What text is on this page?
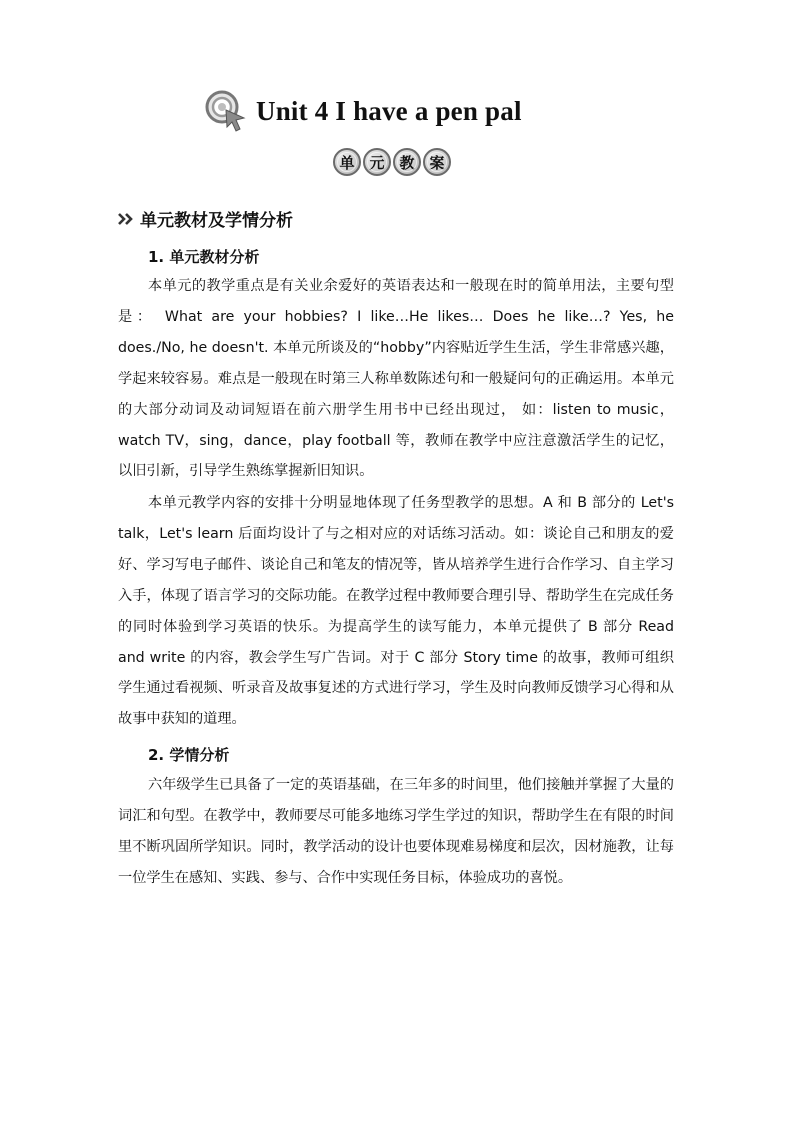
Unit 4 I have a pen pal
单 元 教 案
单元教材及学情分析
1. 单元教材分析

本单元的教学重点是有关业余爱好的英语表达和一般现在时的简单用法，主要句型是： What are your hobbies? I like…He likes… Does he like…? Yes, he does./No, he doesn't. 本单元所谈及的“hobby”内容贴近学生生活，学生非常感兴趣，学起来较容易。难点是一般现在时第三人称单数陈述句和一般疑问句的正确运用。本单元的大部分动词及动词短语在前六册学生用书中已经出现过， 如：listen to music，watch TV，sing，dance，play football 等，教师在教学中应注意激活学生的记忆，以旧引新，引导学生熟练掌握新旧知识。

本单元教学内容的安排十分明显地体现了任务型教学的思想。A 和 B 部分的 Let's talk，Let's learn 后面均设计了与之相对应的对话练习活动。如：谈论自己和朋友的爱好、学习写电子邮件、谈论自己和笔友的情况等，皆从培养学生进行合作学习、自主学习入手，体现了语言学习的交际功能。在教学过程中教师要合理引导、帮助学生在完成任务的同时体验到学习英语的快乐。为提高学生的读写能力，本单元提供了 B 部分 Read and write 的内容，教会学生写广告词。对于 C 部分 Story time 的故事，教师可组织学生通过看视频、听录音及故事复述的方式进行学习，学生及时向教师反馈学习心得和从故事中获知的道理。

2. 学情分析

六年级学生已具备了一定的英语基础，在三年多的时间里，他们接触并掌握了大量的词汇和句型。在教学中，教师要尽可能多地练习学生学过的知识，帮助学生在有限的时间里不断巩固所学知识。同时，教学活动的设计也要体现难易梯度和层次，因材施教，让每一位学生在感知、实践、参与、合作中实现任务目标，体验成功的喜悦。
